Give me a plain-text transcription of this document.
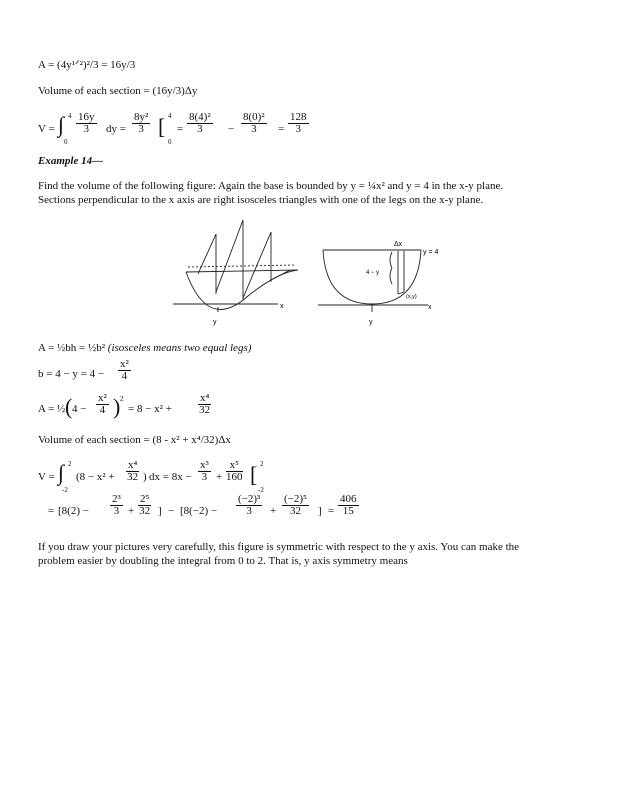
A = (4y¹ᐟ²)²/3 = 16y/3
Volume of each section = (16y/3)Δy
V = ∫ 4
0
$\frac{16y}{3}$ dy = $\frac{\text{8y²}}{3}$ [ 4
0
= $\frac{\text{8(4)²}}{3} - \frac{\text{8(0)²}}{3} = \frac{128}{3}$
Example 14—
Find the volume of the following figure: Again the base is bounded by y = ¼x² and y = 4 in the x-y plane.
Sections perpendicular to the x axis are right isosceles triangles with one of the legs on the x-y plane.
x
y
Δx
y = 4
4 − y
(x,y)
x
y
A = ½bh = ½b² (isosceles means two equal legs)
$b = 4 - y = 4 - \frac{\text{x²}}{4}$
A = ½ ( $4 - \frac{\text{x²}}{4}$ ) 2
= $8 - x^2 + \frac{\text{x⁴}}{32}$
Volume of each section = (8 - x² + x⁴/32)Δx
V = ∫ 2
-2
($8 - x^2 + \frac{\text{x⁴}}{32}$ ) dx = $8x - \frac{\text{x³}}{3} + \frac{\text{x⁵}}{160}$ [ 2
-2
= [$8(2) - \frac{\text{2³}}{3} + \frac{\text{2⁵}}{32}$ ] − [$8(-2) - \frac{\text{(−2)³}}{3} + \frac{\text{(−2)⁵}}{32}$ ] = $\frac{406}{15}$
If you draw your pictures very carefully, this figure is symmetric with respect to the y axis. You can make the
problem easier by doubling the integral from 0 to 2. That is, y axis symmetry means
